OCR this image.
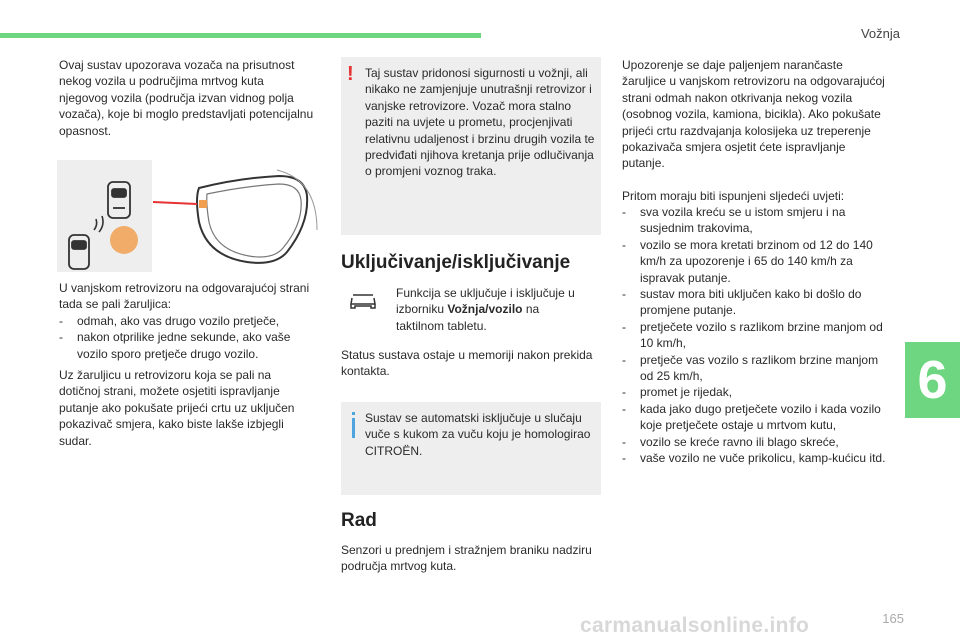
Vožnja
6

Ovaj sustav upozorava vozača na prisutnost nekog vozila u područjima mrtvog kuta njegovog vozila (područja izvan vidnog polja vozača), koje bi moglo predstavljati potencijalnu opasnost.

U vanjskom retrovizoru na odgovarajućoj strani tada se pali žaruljica:

- odmah, ako vas drugo vozilo pretječe,
- nakon otprilike jedne sekunde, ako vaše vozilo sporo pretječe drugo vozilo.

Uz žaruljicu u retrovizoru koja se pali na dotičnoj strani, možete osjetiti ispravljanje putanje ako pokušate prijeći crtu uz uključen pokazivač smjera, kako biste lakše izbjegli sudar.

! Taj sustav pridonosi sigurnosti u vožnji, ali nikako ne zamjenjuje unutrašnji retrovizor i vanjske retrovizore. Vozač mora stalno paziti na uvjete u prometu, procjenjivati relativnu udaljenost i brzinu drugih vozila te predviđati njihova kretanja prije odlučivanja o promjeni voznog traka.

Uključivanje/isključivanje

Funkcija se uključuje i isključuje u izborniku Vožnja/vozilo na taktilnom tabletu.

Status sustava ostaje u memoriji nakon prekida kontakta.

Sustav se automatski isključuje u slučaju vuče s kukom za vuču koju je homologirao CITROËN.

Rad

Senzori u prednjem i stražnjem braniku nadziru područja mrtvog kuta.

Upozorenje se daje paljenjem narančaste žaruljice u vanjskom retrovizoru na odgovarajućoj strani odmah nakon otkrivanja nekog vozila (osobnog vozila, kamiona, bicikla). Ako pokušate prijeći crtu razdvajanja kolosijeka uz treperenje pokazivača smjera osjetit ćete ispravljanje putanje.

Pritom moraju biti ispunjeni sljedeći uvjeti:

- sva vozila kreću se u istom smjeru i na susjednim trakovima,
- vozilo se mora kretati brzinom od 12 do 140 km/h za upozorenje i 65 do 140 km/h za ispravak putanje.
- sustav mora biti uključen kako bi došlo do promjene putanje.
- pretječete vozilo s razlikom brzine manjom od 10 km/h,
- pretječe vas vozilo s razlikom brzine manjom od 25 km/h,
- promet je rijedak,
- kada jako dugo pretječete vozilo i kada vozilo koje pretječete ostaje u mrtvom kutu,
- vozilo se kreće ravno ili blago skreće,
- vaše vozilo ne vuče prikolicu, kamp-kućicu itd.
165
carmanualsonline.info
